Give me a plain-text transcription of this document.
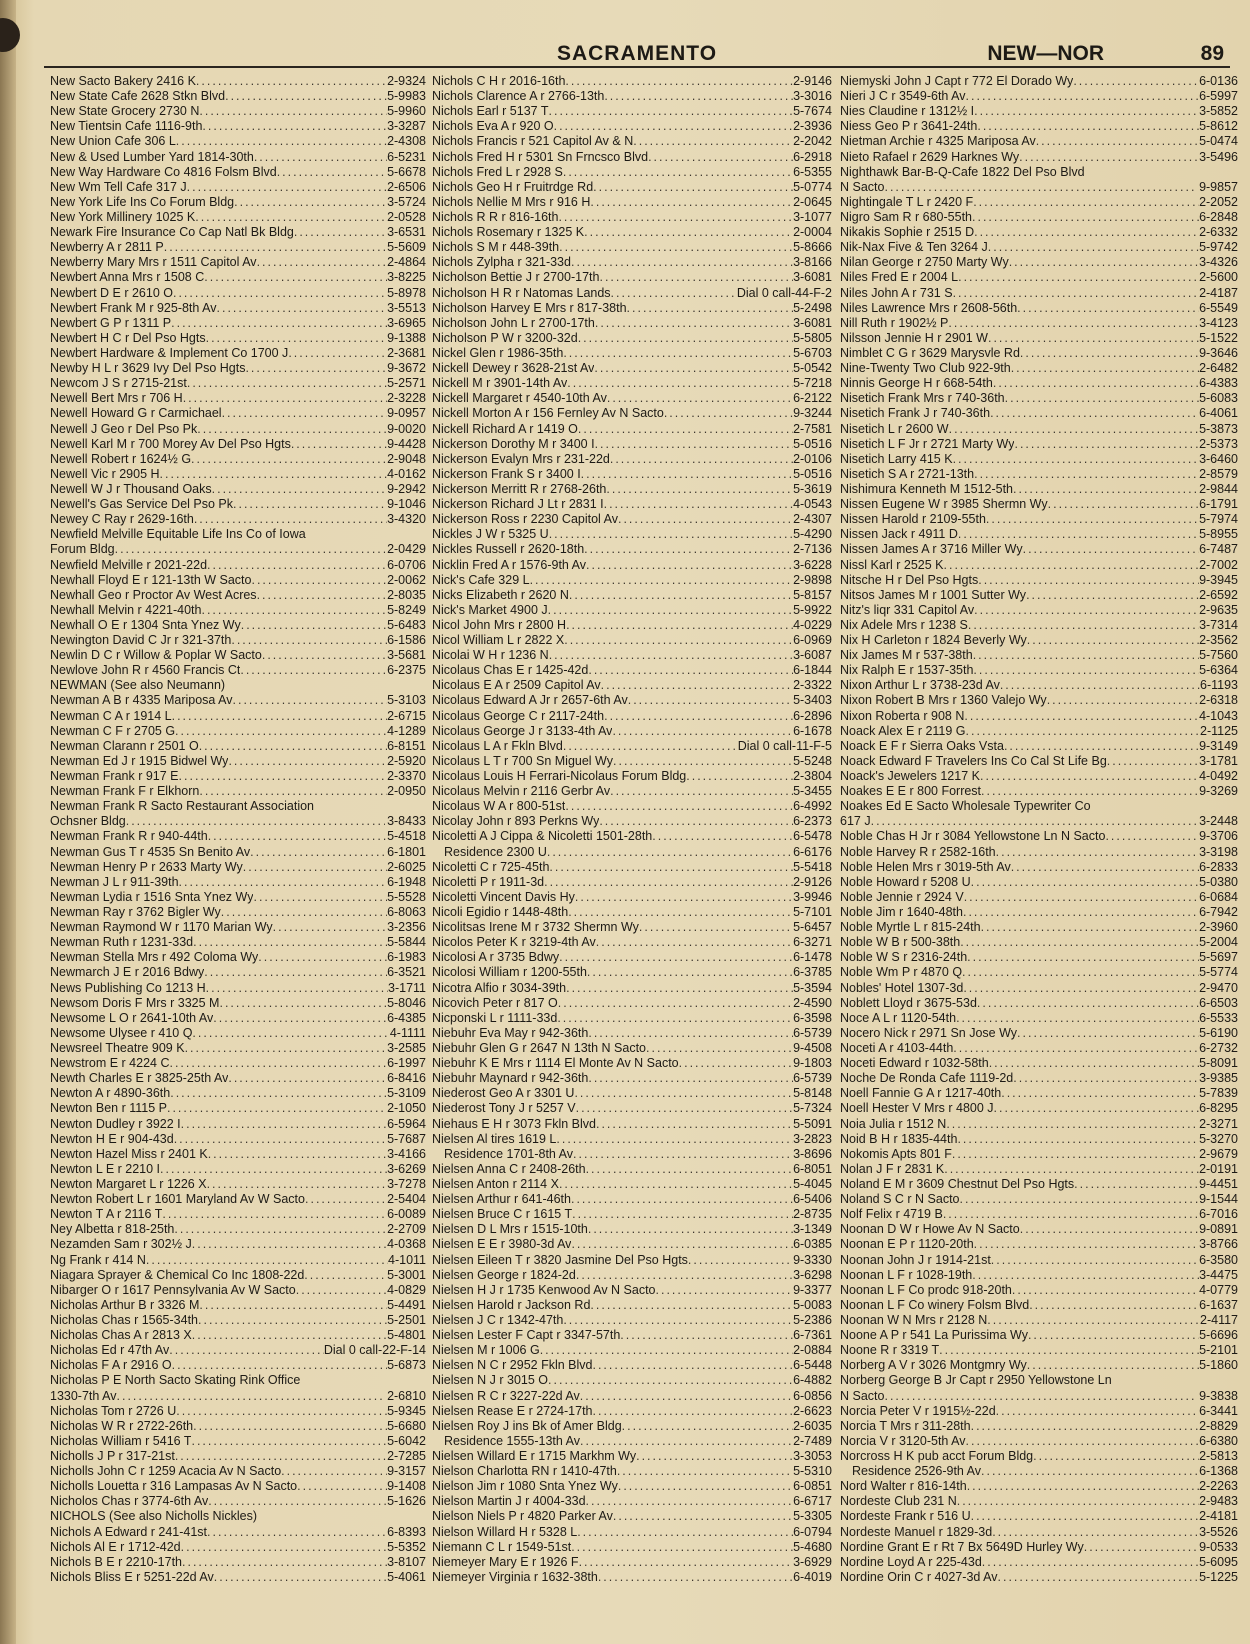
SACRAMENTO	NEW—NOR	89
New Sacto Bakery 2416 K .....	2-9324
New State Cafe 2628 Stkn Blvd .....	5-9983
New State Grocery 2730 N .....	5-9960
New Tientsin Cafe 1116-9th .....	3-3287
New Union Cafe 306 L .....	2-4308
New & Used Lumber Yard 1814-30th .....	6-5231
New Way Hardware Co 4816 Folsm Blvd .....	5-6678
New Wm Tell Cafe 317 J .....	2-6506
New York Life Ins Co Forum Bldg .....	3-5724
New York Millinery 1025 K .....	2-0528
Newark Fire Insurance Co Cap Natl Bk Bldg .....	3-6531
Newberry A r 2811 P .....	5-5609
Newberry Mary Mrs r 1511 Capitol Av .....	2-4864
Newbert Anna Mrs r 1508 C .....	3-8225
Newbert D E r 2610 O .....	5-8978
Newbert Frank M r 925-8th Av .....	3-5513
Newbert G P r 1311 P .....	3-6965
Newbert H C r Del Pso Hgts .....	9-1388
Newbert Hardware & Implement Co 1700 J .....	2-3681
Newby H L r 3629 Ivy Del Pso Hgts .....	9-3672
Newcom J S r 2715-21st .....	5-2571
Newell Bert Mrs r 706 H .....	2-3228
Newell Howard G r Carmichael .....	9-0957
Newell J Geo r Del Pso Pk .....	9-0020
Newell Karl M r 700 Morey Av Del Pso Hgts .....	9-4428
Newell Robert r 1624½ G .....	2-9048
Newell Vic r 2905 H .....	4-0162
Newell W J r Thousand Oaks .....	9-2942
Newell's Gas Service Del Pso Pk .....	9-1046
Newey C Ray r 2629-16th .....	3-4320
Newfield Melville Equitable Life Ins Co of Iowa
Forum Bldg .....	2-0429
Newfield Melville r 2021-22d .....	6-0706
Newhall Floyd E r 121-13th W Sacto .....	2-0062
Newhall Geo r Proctor Av West Acres .....	2-8035
Newhall Melvin r 4221-40th .....	5-8249
Newhall O E r 1304 Snta Ynez Wy .....	5-6483
Newington David C Jr r 321-37th .....	6-1586
Newlin D C r Willow & Poplar W Sacto .....	3-5681
Newlove John R r 4560 Francis Ct .....	6-2375
NEWMAN (See also Neumann)
Newman A B r 4335 Mariposa Av .....	5-3103
Newman C A r 1914 L .....	2-6715
Newman C F r 2705 G .....	4-1289
Newman Clarann r 2501 O .....	6-8151
Newman Ed J r 1915 Bidwel Wy .....	2-5920
Newman Frank r 917 E .....	2-3370
Newman Frank F r Elkhorn .....	2-0950
Newman Frank R Sacto Restaurant Association
Ochsner Bldg .....	3-8433
Newman Frank R r 940-44th .....	5-4518
Newman Gus T r 4535 Sn Benito Av .....	6-1801
Newman Henry P r 2633 Marty Wy .....	2-6025
Newman J L r 911-39th .....	6-1948
Newman Lydia r 1516 Snta Ynez Wy .....	5-5528
Newman Ray r 3762 Bigler Wy .....	6-8063
Newman Raymond W r 1170 Marian Wy .....	3-2356
Newman Ruth r 1231-33d .....	5-5844
Newman Stella Mrs r 492 Coloma Wy .....	6-1983
Newmarch J E r 2016 Bdwy .....	6-3521
News Publishing Co 1213 H .....	3-1711
Newsom Doris F Mrs r 3325 M .....	5-8046
Newsome L O r 2641-10th Av .....	6-4385
Newsome Ulysee r 410 Q .....	4-1111
Newsreel Theatre 909 K .....	3-2585
Newstrom E r 4224 C .....	6-1997
Newth Charles E r 3825-25th Av .....	6-8416
Newton A r 4890-36th .....	5-3109
Newton Ben r 1115 P .....	2-1050
Newton Dudley r 3922 I .....	6-5964
Newton H E r 904-43d .....	5-7687
Newton Hazel Miss r 2401 K .....	3-4166
Newton L E r 2210 I .....	3-6269
Newton Margaret L r 1226 X .....	3-7278
Newton Robert L r 1601 Maryland Av W Sacto .....	2-5404
Newton T A r 2116 T .....	6-0089
Ney Albetta r 818-25th .....	2-2709
Nezamden Sam r 302½ J .....	4-0368
Ng Frank r 414 N .....	4-1011
Niagara Sprayer & Chemical Co Inc 1808-22d .....	5-3001
Nibarger O r 1617 Pennsylvania Av W Sacto .....	4-0829
Nicholas Arthur B r 3326 M .....	5-4491
Nicholas Chas r 1565-34th .....	5-2501
Nicholas Chas A r 2813 X .....	5-4801
Nicholas Ed r 47th Av .....	Dial 0 call-22-F-14
Nicholas F A r 2916 O .....	5-6873
Nicholas P E North Sacto Skating Rink Office
1330-7th Av .....	2-6810
Nicholas Tom r 2726 U .....	5-9345
Nicholas W R r 2722-26th .....	5-6680
Nicholas William r 5416 T .....	5-6042
Nicholls J P r 317-21st .....	2-7285
Nicholls John C r 1259 Acacia Av N Sacto .....	9-3157
Nicholls Louetta r 316 Lampasas Av N Sacto .....	9-1408
Nicholos Chas r 3774-6th Av .....	5-1626
NICHOLS (See also Nicholls Nickles)
Nichols A Edward r 241-41st .....	6-8393
Nichols Al E r 1712-42d .....	5-5352
Nichols B E r 2210-17th .....	3-8107
Nichols Bliss E r 5251-22d Av .....	5-4061
Nichols C H r 2016-16th .....	2-9146
Nichols Clarence A r 2766-13th .....	3-3016
Nichols Earl r 5137 T .....	5-7674
Nichols Eva A r 920 O .....	2-3936
Nichols Francis r 521 Capitol Av & N .....	2-2042
Nichols Fred H r 5301 Sn Frncsco Blvd .....	6-2918
Nichols Fred L r 2928 S .....	6-5355
Nichols Geo H r Fruitrdge Rd .....	5-0774
Nichols Nellie M Mrs r 916 H .....	2-0645
Nichols R R r 816-16th .....	3-1077
Nichols Rosemary r 1325 K .....	2-0004
Nichols S M r 448-39th .....	5-8666
Nichols Zylpha r 321-33d .....	3-8166
Nicholson Bettie J r 2700-17th .....	3-6081
Nicholson H R r Natomas Lands .....	Dial 0 call-44-F-2
Nicholson Harvey E Mrs r 817-38th .....	5-2498
Nicholson John L r 2700-17th .....	3-6081
Nicholson P W r 3200-32d .....	5-5805
Nickel Glen r 1986-35th .....	5-6703
Nickell Dewey r 3628-21st Av .....	5-0542
Nickell M r 3901-14th Av .....	5-7218
Nickell Margaret r 4540-10th Av .....	6-2122
Nickell Morton A r 156 Fernley Av N Sacto .....	9-3244
Nickell Richard A r 1419 O .....	2-7581
Nickerson Dorothy M r 3400 I .....	5-0516
Nickerson Evalyn Mrs r 231-22d .....	2-0106
Nickerson Frank S r 3400 I .....	5-0516
Nickerson Merritt R r 2768-26th .....	5-3619
Nickerson Richard J Lt r 2831 I .....	4-0543
Nickerson Ross r 2230 Capitol Av .....	2-4307
Nickles J W r 5325 U .....	5-4290
Nickles Russell r 2620-18th .....	2-7136
Nicklin Fred A r 1576-9th Av .....	3-6228
Nick's Cafe 329 L .....	2-9898
Nicks Elizabeth r 2620 N .....	5-8157
Nick's Market 4900 J .....	5-9922
Nicol John Mrs r 2800 H .....	4-0229
Nicol William L r 2822 X .....	6-0969
Nicolai W H r 1236 N .....	3-6087
Nicolaus Chas E r 1425-42d .....	6-1844
Nicolaus E A r 2509 Capitol Av .....	2-3322
Nicolaus Edward A Jr r 2657-6th Av .....	5-3403
Nicolaus George C r 2117-24th .....	6-2896
Nicolaus George J r 3133-4th Av .....	6-1678
Nicolaus L A r Fkln Blvd .....	Dial 0 call-11-F-5
Nicolaus L T r 700 Sn Miguel Wy .....	5-5248
Nicolaus Louis H Ferrari-Nicolaus Forum Bldg .....	2-3804
Nicolaus Melvin r 2116 Gerbr Av .....	5-3455
Nicolaus W A r 800-51st .....	6-4992
Nicolay John r 893 Perkns Wy .....	6-2373
Nicoletti A J Cippa & Nicoletti 1501-28th .....	6-5478
Residence 2300 U .....	6-6176
Nicoletti C r 725-45th .....	5-5418
Nicoletti P r 1911-3d .....	2-9126
Nicoletti Vincent Davis Hy .....	3-9946
Nicoli Egidio r 1448-48th .....	5-7101
Nicolitsas Irene M r 3732 Shermn Wy .....	5-6457
Nicolos Peter K r 3219-4th Av .....	6-3271
Nicolosi A r 3735 Bdwy .....	6-1478
Nicolosi William r 1200-55th .....	6-3785
Nicotra Alfio r 3034-39th .....	5-3594
Nicovich Peter r 817 O .....	2-4590
Nicponski L r 1111-33d .....	6-3598
Niebuhr Eva May r 942-36th .....	6-5739
Niebuhr Glen G r 2647 N 13th N Sacto .....	9-4508
Niebuhr K E Mrs r 1114 El Monte Av N Sacto .....	9-1803
Niebuhr Maynard r 942-36th .....	6-5739
Niederost Geo A r 3301 U .....	5-8148
Niederost Tony J r 5257 V .....	5-7324
Niehaus E H r 3073 Fkln Blvd .....	5-5091
Nielsen Al tires 1619 L .....	3-2823
Residence 1701-8th Av .....	3-8696
Nielsen Anna C r 2408-26th .....	6-8051
Nielsen Anton r 2114 X .....	5-4045
Nielsen Arthur r 641-46th .....	6-5406
Nielsen Bruce C r 1615 T .....	2-8735
Nielsen D L Mrs r 1515-10th .....	3-1349
Nielsen E E r 3980-3d Av .....	6-0385
Nielsen Eileen T r 3820 Jasmine Del Pso Hgts .....	9-3330
Nielsen George r 1824-2d .....	3-6298
Nielsen H J r 1735 Kenwood Av N Sacto .....	9-3377
Nielsen Harold r Jackson Rd .....	5-0083
Nielsen J C r 1342-47th .....	5-2386
Nielsen Lester F Capt r 3347-57th .....	6-7361
Nielsen M r 1006 G .....	2-0884
Nielsen N C r 2952 Fkln Blvd .....	6-5448
Nielsen N J r 3015 O .....	6-4882
Nielsen R C r 3227-22d Av .....	6-0856
Nielsen Rease E r 2724-17th .....	2-6623
Nielsen Roy J ins Bk of Amer Bldg .....	2-6035
Residence 1555-13th Av .....	2-7489
Nielsen Willard E r 1715 Markhm Wy .....	3-3053
Nielson Charlotta RN r 1410-47th .....	5-5310
Nielson Jim r 1080 Snta Ynez Wy .....	6-0851
Nielson Martin J r 4004-33d .....	6-6717
Nielson Niels P r 4820 Parker Av .....	5-3305
Nielson Willard H r 5328 L .....	6-0794
Niemann C L r 1549-51st .....	5-4680
Niemeyer Mary E r 1926 F .....	3-6929
Niemeyer Virginia r 1632-38th .....	6-4019
Niemyski John J Capt r 772 El Dorado Wy .....	6-0136
Nieri J C r 3549-6th Av .....	6-5997
Nies Claudine r 1312½ I .....	3-5852
Niess Geo P r 3641-24th .....	5-8612
Nietman Archie r 4325 Mariposa Av .....	5-0474
Nieto Rafael r 2629 Harknes Wy .....	3-5496
Nighthawk Bar-B-Q-Cafe 1822 Del Pso Blvd
N Sacto .....	9-9857
Nightingale T L r 2420 F .....	2-2052
Nigro Sam R r 680-55th .....	6-2848
Nikakis Sophie r 2515 D .....	2-6332
Nik-Nax Five & Ten 3264 J .....	5-9742
Nilan George r 2750 Marty Wy .....	3-4326
Niles Fred E r 2004 L .....	2-5600
Niles John A r 731 S .....	2-4187
Niles Lawrence Mrs r 2608-56th .....	6-5549
Nill Ruth r 1902½ P .....	3-4123
Nilsson Jennie H r 2901 W .....	5-1522
Nimblet C G r 3629 Marysvle Rd .....	9-3646
Nine-Twenty Two Club 922-9th .....	2-6482
Ninnis George H r 668-54th .....	6-4383
Nisetich Frank Mrs r 740-36th .....	5-6083
Nisetich Frank J r 740-36th .....	6-4061
Nisetich L r 2600 W .....	5-3873
Nisetich L F Jr r 2721 Marty Wy .....	2-5373
Nisetich Larry 415 K .....	3-6460
Nisetich S A r 2721-13th .....	2-8579
Nishimura Kenneth M 1512-5th .....	2-9844
Nissen Eugene W r 3985 Shermn Wy .....	6-1791
Nissen Harold r 2109-55th .....	5-7974
Nissen Jack r 4911 D .....	5-8955
Nissen James A r 3716 Miller Wy .....	6-7487
Nissl Karl r 2525 K .....	2-7002
Nitsche H r Del Pso Hgts .....	9-3945
Nitsos James M r 1001 Sutter Wy .....	2-6592
Nitz's liqr 331 Capitol Av .....	2-9635
Nix Adele Mrs r 1238 S .....	3-7314
Nix H Carleton r 1824 Beverly Wy .....	2-3562
Nix James M r 537-38th .....	5-7560
Nix Ralph E r 1537-35th .....	5-6364
Nixon Arthur L r 3738-23d Av .....	6-1193
Nixon Robert B Mrs r 1360 Valejo Wy .....	2-6318
Nixon Roberta r 908 N .....	4-1043
Noack Alex E r 2119 G .....	2-1125
Noack E F r Sierra Oaks Vsta .....	9-3149
Noack Edward F Travelers Ins Co Cal St Life Bg .....	3-1781
Noack's Jewelers 1217 K .....	4-0492
Noakes E E r 800 Forrest .....	9-3269
Noakes Ed E Sacto Wholesale Typewriter Co
617 J .....	3-2448
Noble Chas H Jr r 3084 Yellowstone Ln N Sacto .....	9-3706
Noble Harvey R r 2582-16th .....	3-3198
Noble Helen Mrs r 3019-5th Av .....	6-2833
Noble Howard r 5208 U .....	5-0380
Noble Jennie r 2924 V .....	6-0684
Noble Jim r 1640-48th .....	6-7942
Noble Myrtle L r 815-24th .....	2-3960
Noble W B r 500-38th .....	5-2004
Noble W S r 2316-24th .....	5-5697
Noble Wm P r 4870 Q .....	5-5774
Nobles' Hotel 1307-3d .....	2-9470
Noblett Lloyd r 3675-53d .....	6-6503
Noce A L r 1120-54th .....	6-5533
Nocero Nick r 2971 Sn Jose Wy .....	5-6190
Noceti A r 4103-44th .....	6-2732
Noceti Edward r 1032-58th .....	5-8091
Noche De Ronda Cafe 1119-2d .....	3-9385
Noell Fannie G A r 1217-40th .....	5-7839
Noell Hester V Mrs r 4800 J .....	6-8295
Noia Julia r 1512 N .....	2-3271
Noid B H r 1835-44th .....	5-3270
Nokomis Apts 801 F .....	2-9679
Nolan J F r 2831 K .....	2-0191
Noland E M r 3609 Chestnut Del Pso Hgts .....	9-4451
Noland S C r N Sacto .....	9-1544
Nolf Felix r 4719 B .....	6-7016
Noonan D W r Howe Av N Sacto .....	9-0891
Noonan E P r 1120-20th .....	3-8766
Noonan John J r 1914-21st .....	6-3580
Noonan L F r 1028-19th .....	3-4475
Noonan L F Co prodc 918-20th .....	4-0779
Noonan L F Co winery Folsm Blvd .....	6-1637
Noonan W N Mrs r 2128 N .....	2-4117
Noone A P r 541 La Purissima Wy .....	5-6696
Noone R r 3319 T .....	5-2101
Norberg A V r 3026 Montgmry Wy .....	5-1860
Norberg George B Jr Capt r 2950 Yellowstone Ln
N Sacto .....	9-3838
Norcia Peter V r 1915½-22d .....	6-3441
Norcia T Mrs r 311-28th .....	2-8829
Norcia V r 3120-5th Av .....	6-6380
Norcross H K pub acct Forum Bldg .....	2-5813
Residence 2526-9th Av .....	6-1368
Nord Walter r 816-14th .....	2-2263
Nordeste Club 231 N .....	2-9483
Nordeste Frank r 516 U .....	2-4181
Nordeste Manuel r 1829-3d .....	3-5526
Nordine Grant E r Rt 7 Bx 5649D Hurley Wy .....	9-0533
Nordine Loyd A r 225-43d .....	5-6095
Nordine Orin C r 4027-3d Av .....	5-1225
